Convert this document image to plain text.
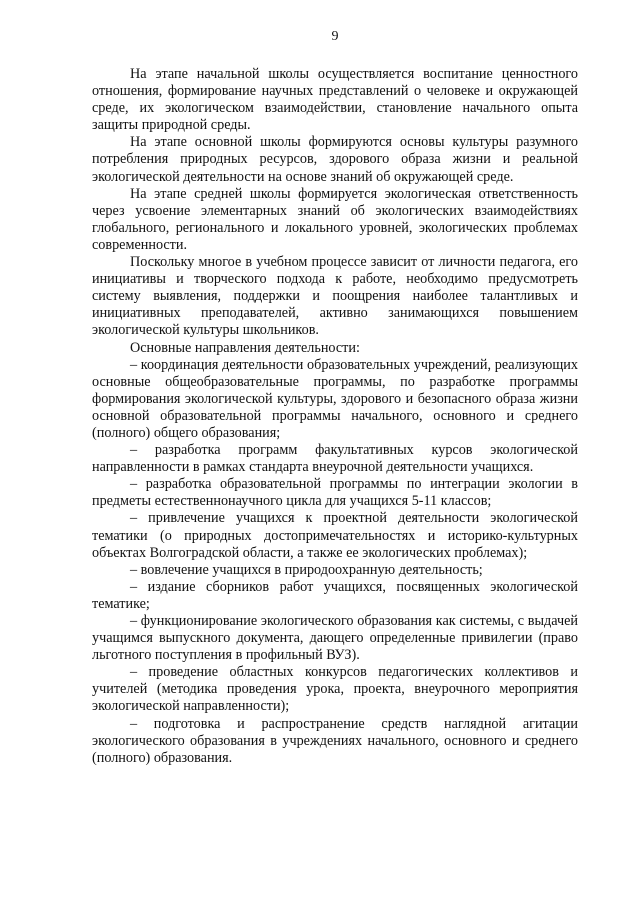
9

На этапе начальной школы осуществляется воспитание ценностного отношения, формирование научных представлений о человеке и окружающей среде, их экологическом взаимодействии, становление начального опыта защиты природной среды.

На этапе основной школы формируются основы культуры разумного потребления природных ресурсов, здорового образа жизни и реальной экологической деятельности на основе знаний об окружающей среде.

На этапе средней школы формируется экологическая ответственность через усвоение элементарных знаний об экологических взаимодействиях глобального, регионального и локального уровней, экологических проблемах современности.

Поскольку многое в учебном процессе зависит от личности педагога, его инициативы и творческого подхода к работе, необходимо предусмотреть систему выявления, поддержки и поощрения наиболее талантливых и инициативных преподавателей, активно занимающихся повышением экологической культуры школьников.

Основные направления деятельности:

– координация деятельности образовательных учреждений, реализующих основные общеобразовательные программы, по разработке программы формирования экологической культуры, здорового и безопасного образа жизни основной образовательной программы начального, основного и среднего (полного) общего образования;

– разработка программ факультативных курсов экологической направленности в рамках стандарта внеурочной деятельности учащихся.

– разработка образовательной программы по интеграции экологии в предметы естественнонаучного цикла для учащихся 5-11 классов;

– привлечение учащихся к проектной деятельности экологической тематики (о природных достопримечательностях и историко-культурных объектах Волгоградской области, а также ее экологических проблемах);

– вовлечение учащихся в природоохранную деятельность;

– издание сборников работ учащихся, посвященных экологической тематике;

– функционирование экологического образования как системы, с выдачей учащимся выпускного документа, дающего определенные привилегии (право льготного поступления в профильный ВУЗ).

– проведение областных конкурсов педагогических коллективов и учителей (методика проведения урока, проекта, внеурочного мероприятия экологической направленности);

– подготовка и распространение средств наглядной агитации экологического образования в учреждениях начального, основного и среднего (полного) образования.
